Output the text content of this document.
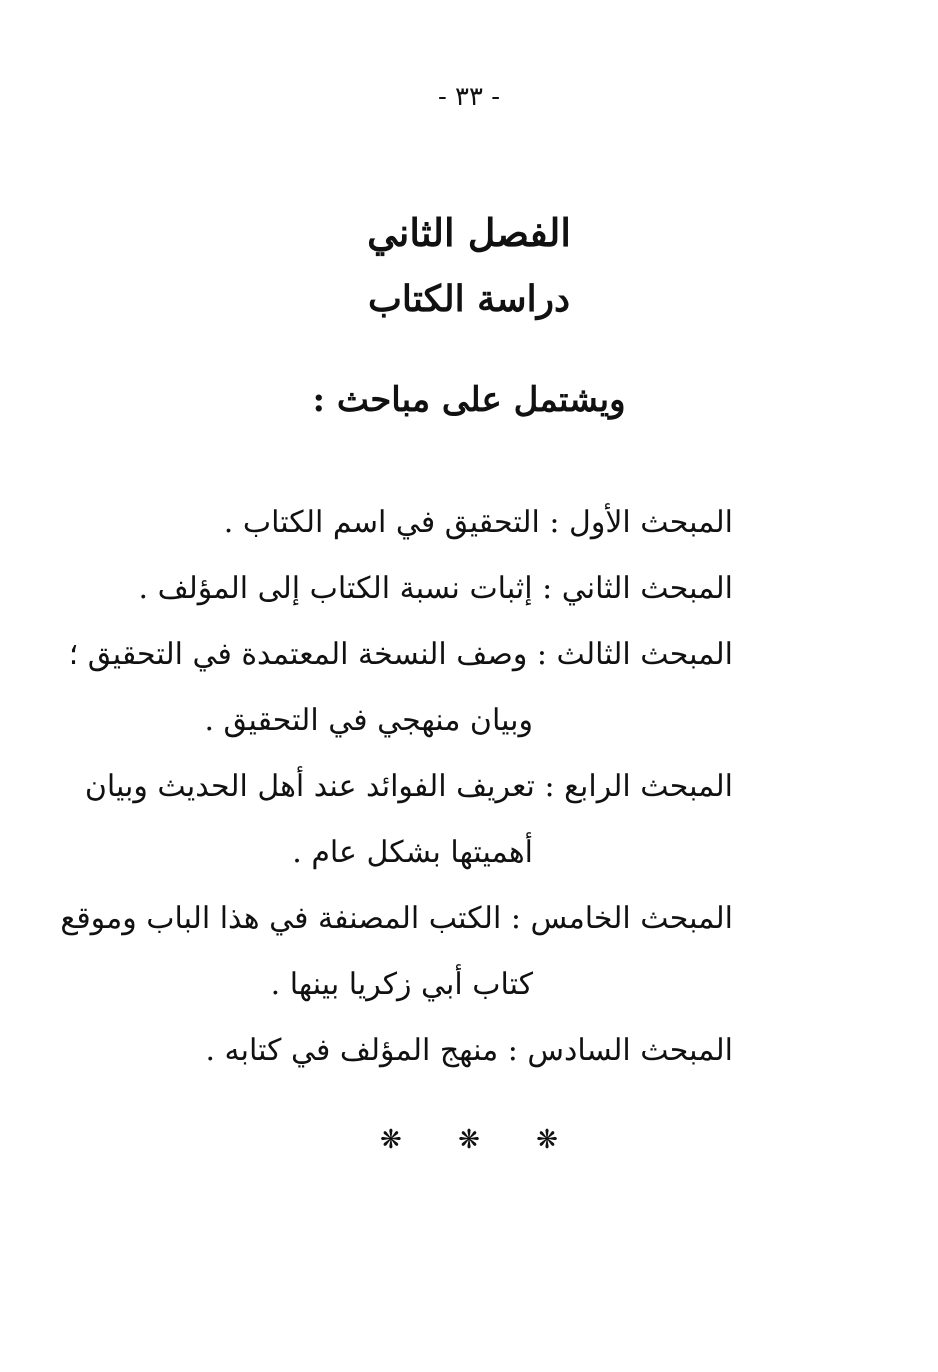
- ٣٣ -
الفصل الثاني
دراسة الكتاب
ويشتمل على مباحث :
المبحث الأول : التحقيق في اسم الكتاب .
المبحث الثاني : إثبات نسبة الكتاب إلى المؤلف .
المبحث الثالث : وصف النسخة المعتمدة في التحقيق ؛
وبيان منهجي في التحقيق .
المبحث الرابع : تعريف الفوائد عند أهل الحديث وبيان
أهميتها بشكل عام .
المبحث الخامس : الكتب المصنفة في هذا الباب وموقع
كتاب أبي زكريا بينها .
المبحث السادس : منهج المؤلف في كتابه .
❋ ❋ ❋
